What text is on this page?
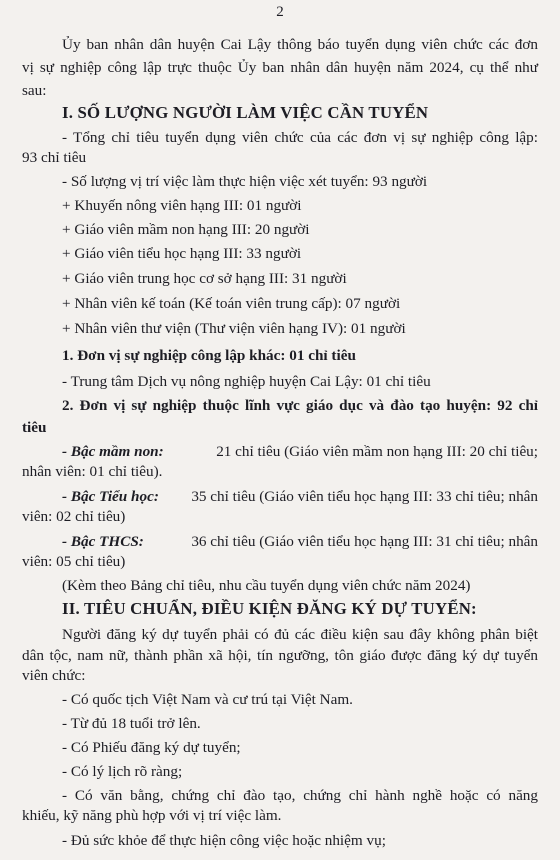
2
Ủy ban nhân dân huyện Cai Lậy thông báo tuyển dụng viên chức các đơn
vị sự nghiệp công lập trực thuộc Ủy ban nhân dân huyện năm 2024, cụ thể như
sau:
I. SỐ LƯỢNG NGƯỜI LÀM VIỆC CẦN TUYỂN
- Tổng chỉ tiêu tuyển dụng viên chức của các đơn vị sự nghiệp công lập:
93 chỉ tiêu
- Số lượng vị trí việc làm thực hiện việc xét tuyển: 93 người
+ Khuyến nông viên hạng III: 01 người
+ Giáo viên mầm non hạng III: 20 người
+ Giáo viên tiểu học hạng III: 33 người
+ Giáo viên trung học cơ sở hạng III: 31 người
+ Nhân viên kế toán (Kế toán viên trung cấp): 07 người
+ Nhân viên thư viện (Thư viện viên hạng IV): 01 người
1. Đơn vị sự nghiệp công lập khác: 01 chỉ tiêu
- Trung tâm Dịch vụ nông nghiệp huyện Cai Lậy: 01 chỉ tiêu
2. Đơn vị sự nghiệp thuộc lĩnh vực giáo dục và đào tạo huyện: 92 chỉ
tiêu
- Bậc mầm non:	21 chỉ tiêu (Giáo viên mầm non hạng III: 20 chỉ tiêu;
nhân viên: 01 chỉ tiêu).
- Bậc Tiểu học: 35 chỉ tiêu (Giáo viên tiểu học hạng III: 33 chỉ tiêu; nhân
viên: 02 chỉ tiêu)
- Bậc THCS:	36 chỉ tiêu (Giáo viên tiểu học hạng III: 31 chỉ tiêu; nhân
viên: 05 chỉ tiêu)
(Kèm theo Bảng chỉ tiêu, nhu cầu tuyển dụng viên chức năm 2024)
II. TIÊU CHUẨN, ĐIỀU KIỆN ĐĂNG KÝ DỰ TUYỂN:
Người đăng ký dự tuyển phải có đủ các điều kiện sau đây không phân biệt
dân tộc, nam nữ, thành phần xã hội, tín ngưỡng, tôn giáo được đăng ký dự tuyển
viên chức:
- Có quốc tịch Việt Nam và cư trú tại Việt Nam.
- Từ đủ 18 tuổi trở lên.
- Có Phiếu đăng ký dự tuyển;
- Có lý lịch rõ ràng;
- Có văn bằng, chứng chỉ đào tạo, chứng chỉ hành nghề hoặc có năng
khiếu, kỹ năng phù hợp với vị trí việc làm.
- Đủ sức khỏe để thực hiện công việc hoặc nhiệm vụ;
